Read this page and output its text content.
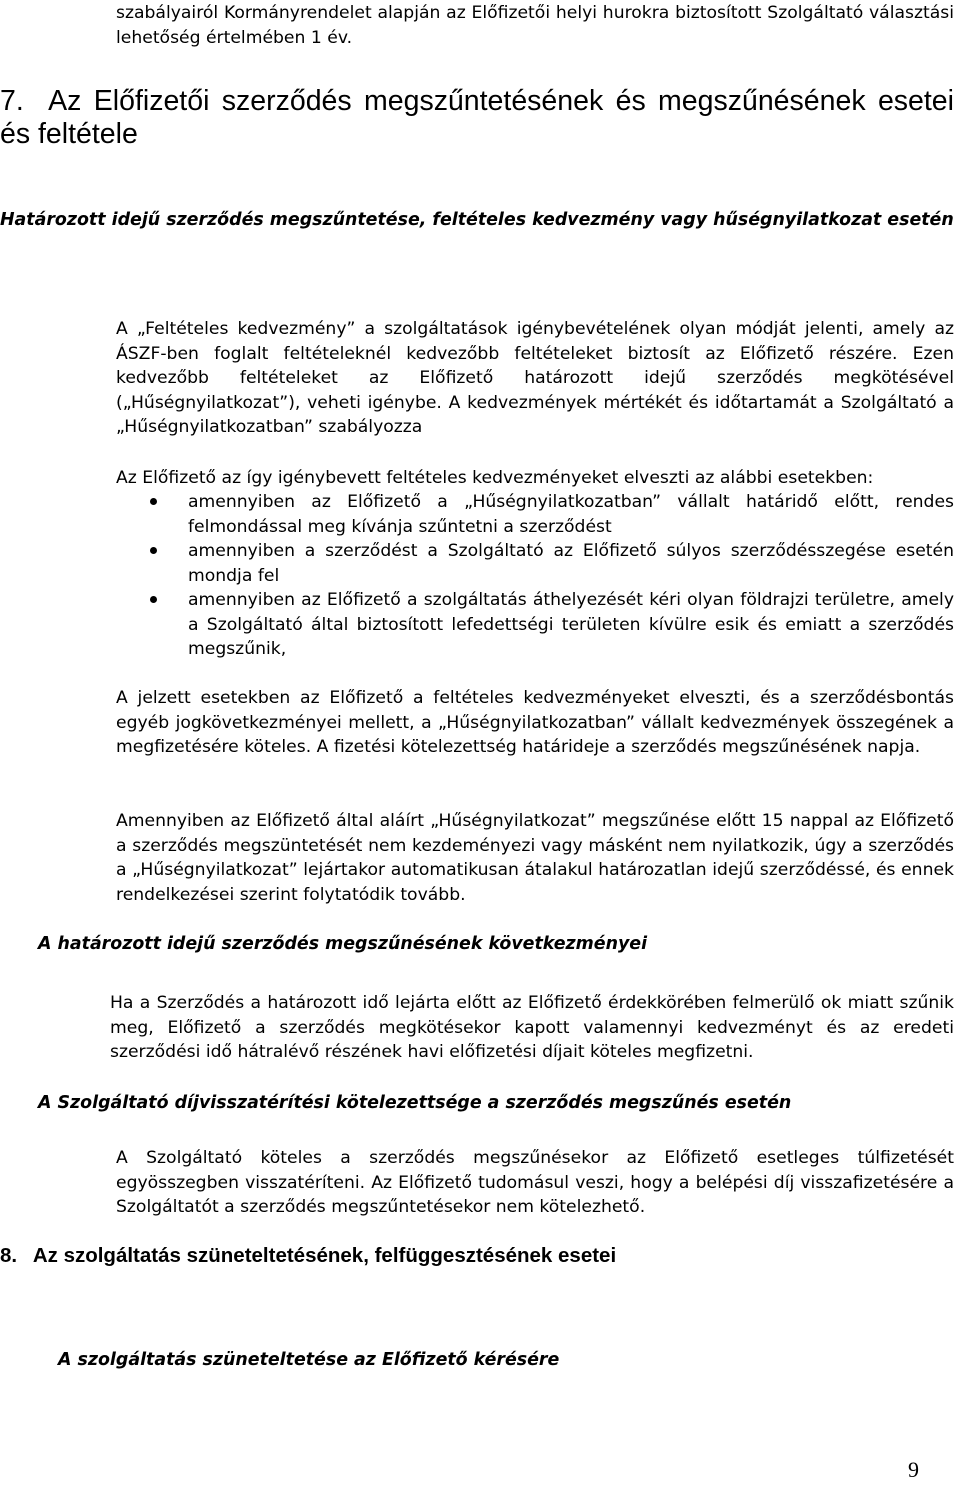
szabályairól Kormányrendelet alapján az Előfizetői helyi hurokra biztosított Szolgáltató választási lehetőség értelmében 1 év.

7. Az Előfizetői szerződés megszűntetésének és megszűnésének esetei és feltétele

Határozott idejű szerződés megszűntetése, feltételes kedvezmény vagy hűségnyilatkozat esetén

A „Feltételes kedvezmény” a szolgáltatások igénybevételének olyan módját jelenti, amely az ÁSZF-ben foglalt feltételeknél kedvezőbb feltételeket biztosít az Előfizető részére. Ezen kedvezőbb feltételeket az Előfizető határozott idejű szerződés megkötésével („Hűségnyilatkozat”), veheti igénybe. A kedvezmények mértékét és időtartamát a Szolgáltató a „Hűségnyilatkozatban” szabályozza

Az Előfizető az így igénybevett feltételes kedvezményeket elveszti az alábbi esetekben:

amennyiben az Előfizető a „Hűségnyilatkozatban” vállalt határidő előtt, rendes felmondással meg kívánja szűntetni a szerződést
amennyiben a szerződést a Szolgáltató az Előfizető súlyos szerződésszegése esetén mondja fel
amennyiben az Előfizető a szolgáltatás áthelyezését kéri olyan földrajzi területre, amely a Szolgáltató által biztosított lefedettségi területen kívülre esik és emiatt a szerződés megszűnik,

A jelzett esetekben az Előfizető a feltételes kedvezményeket elveszti, és a szerződésbontás egyéb jogkövetkezményei mellett, a „Hűségnyilatkozatban” vállalt kedvezmények összegének a megfizetésére köteles. A fizetési kötelezettség határideje a szerződés megszűnésének napja.

Amennyiben az Előfizető által aláírt „Hűségnyilatkozat” megszűnése előtt 15 nappal az Előfizető a szerződés megszüntetését nem kezdeményezi vagy másként nem nyilatkozik, úgy a szerződés a „Hűségnyilatkozat” lejártakor automatikusan átalakul határozatlan idejű szerződéssé, és ennek rendelkezései szerint folytatódik tovább.

A határozott idejű szerződés megszűnésének következményei

Ha a Szerződés a határozott idő lejárta előtt az Előfizető érdekkörében felmerülő ok miatt szűnik meg, Előfizető a szerződés megkötésekor kapott valamennyi kedvezményt és az eredeti szerződési idő hátralévő részének havi előfizetési díjait köteles megfizetni.

A Szolgáltató díjvisszatérítési kötelezettsége a szerződés megszűnés esetén

A Szolgáltató köteles a szerződés megszűnésekor az Előfizető esetleges túlfizetését egyösszegben visszatéríteni. Az Előfizető tudomásul veszi, hogy a belépési díj visszafizetésére a Szolgáltatót a szerződés megszűntetésekor nem kötelezhető.

8. Az szolgáltatás szüneteltetésének, felfüggesztésének esetei

A szolgáltatás szüneteltetése az Előfizető kérésére

9
